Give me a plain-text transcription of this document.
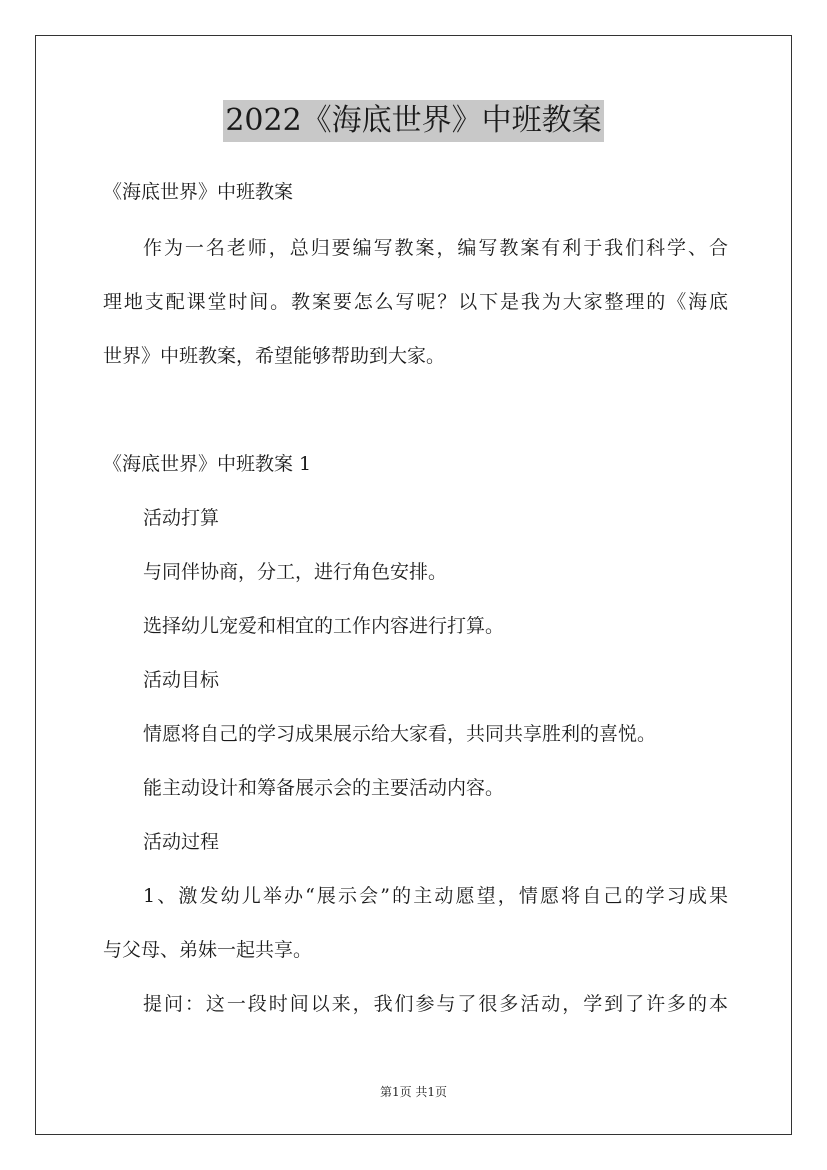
2022《海底世界》中班教案
《海底世界》中班教案
作为一名老师，总归要编写教案，编写教案有利于我们科学、合
理地支配课堂时间。教案要怎么写呢？以下是我为大家整理的《海底
世界》中班教案，希望能够帮助到大家。
《海底世界》中班教案 1
活动打算
与同伴协商，分工，进行角色安排。
选择幼儿宠爱和相宜的工作内容进行打算。
活动目标
情愿将自己的学习成果展示给大家看，共同共享胜利的喜悦。
能主动设计和筹备展示会的主要活动内容。
活动过程
1、激发幼儿举办“展示会”的主动愿望，情愿将自己的学习成果
与父母、弟妹一起共享。
提问：这一段时间以来，我们参与了很多活动，学到了许多的本
第1页 共1页
